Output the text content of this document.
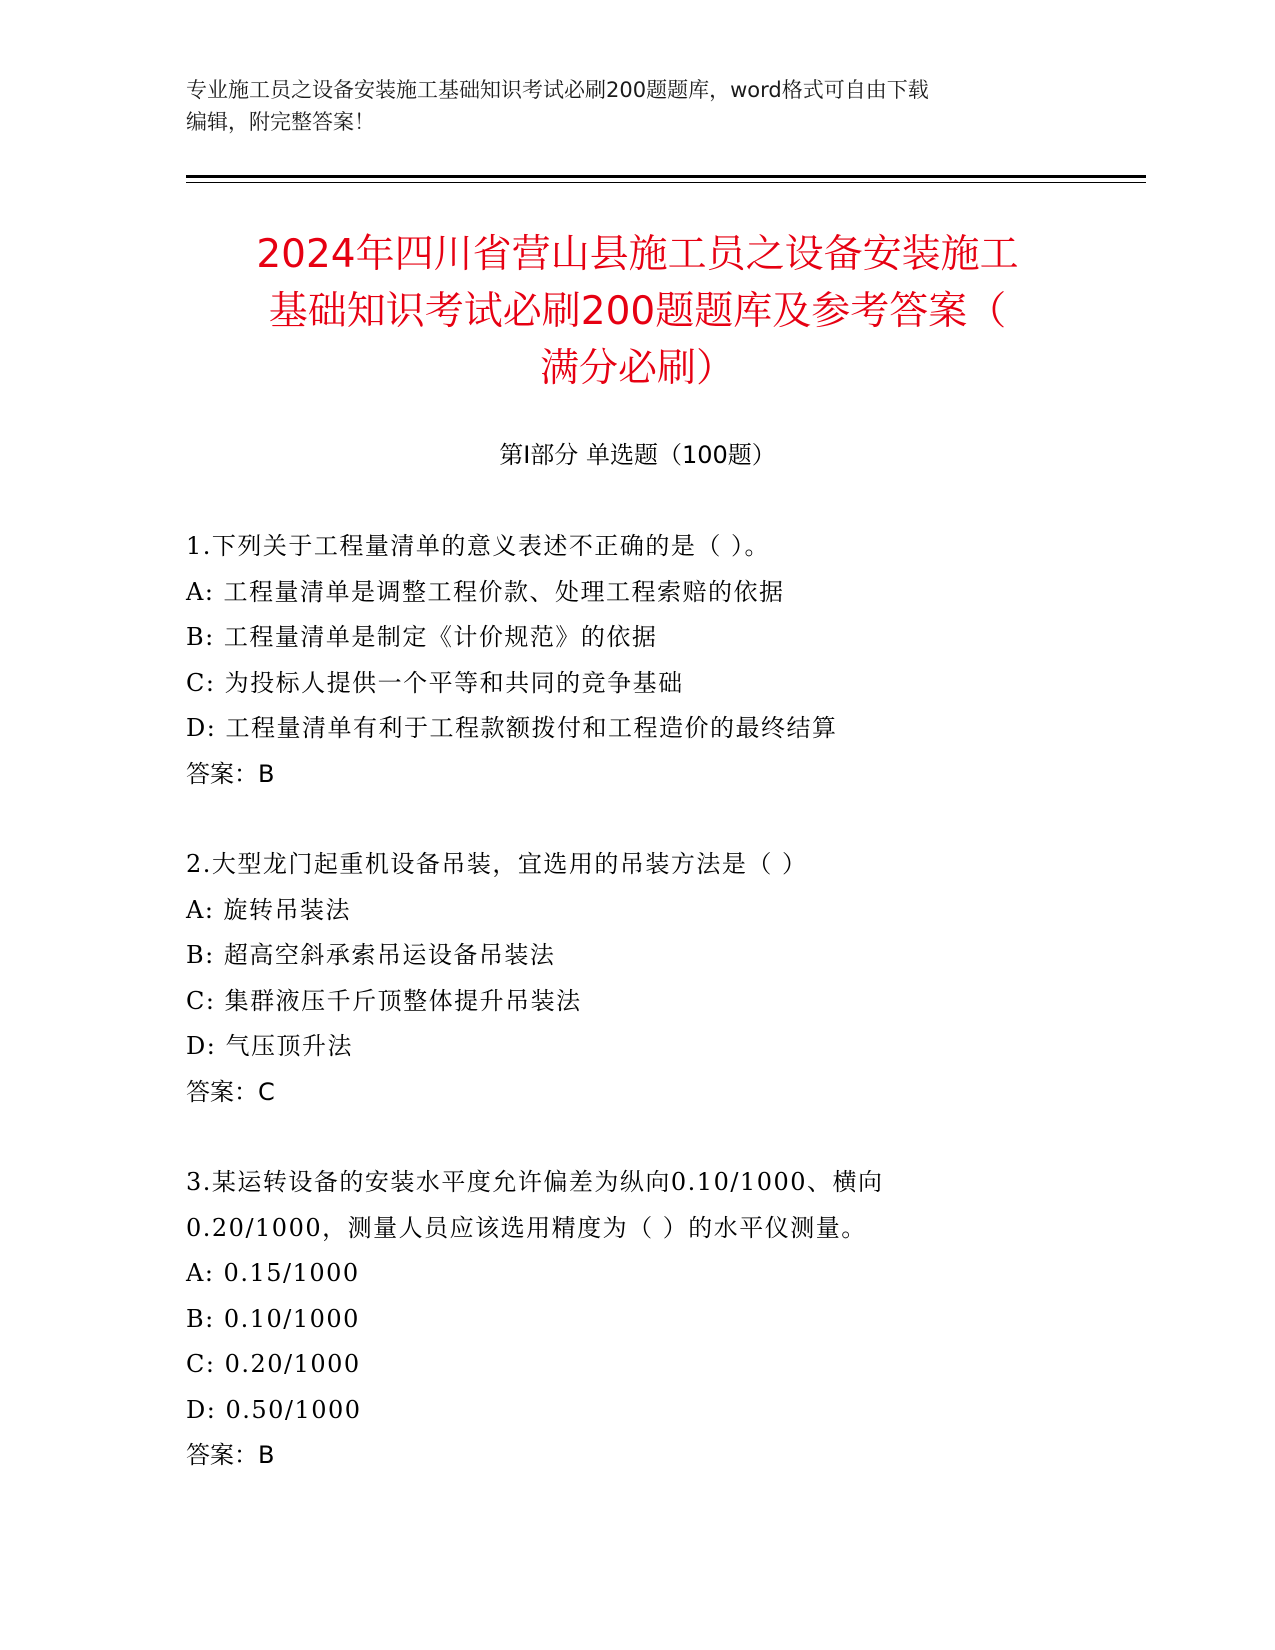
专业施工员之设备安装施工基础知识考试必刷200题题库，word格式可自由下载
编辑，附完整答案！
2024年四川省营山县施工员之设备安装施工
基础知识考试必刷200题题库及参考答案（
满分必刷）
第Ⅰ部分 单选题（100题）
1.下列关于工程量清单的意义表述不正确的是（ ）。
A: 工程量清单是调整工程价款、处理工程索赔的依据
B: 工程量清单是制定《计价规范》的依据
C: 为投标人提供一个平等和共同的竞争基础
D: 工程量清单有利于工程款额拨付和工程造价的最终结算
答案：B
2.大型龙门起重机设备吊装，宜选用的吊装方法是（ ）
A: 旋转吊装法
B: 超高空斜承索吊运设备吊装法
C: 集群液压千斤顶整体提升吊装法
D: 气压顶升法
答案：C
3.某运转设备的安装水平度允许偏差为纵向0.10/1000、横向
0.20/1000，测量人员应该选用精度为（ ）的水平仪测量。
A: 0.15/1000
B: 0.10/1000
C: 0.20/1000
D: 0.50/1000
答案：B
